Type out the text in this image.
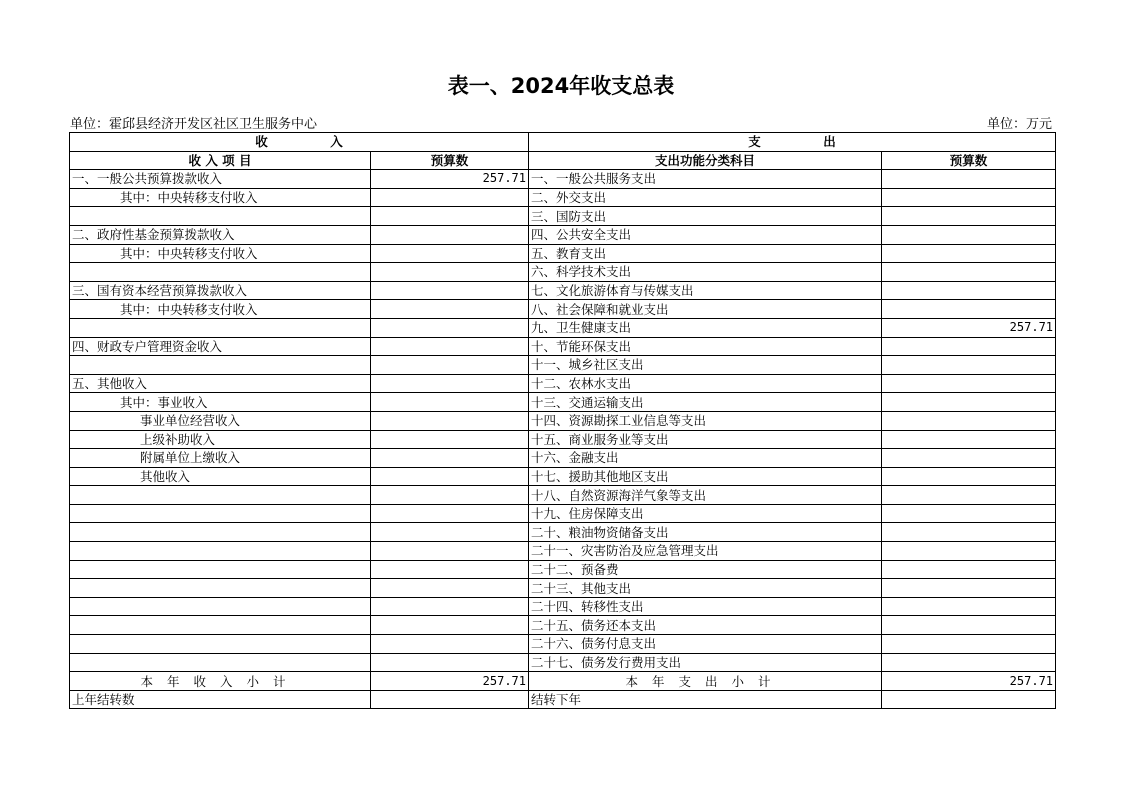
表一、2024年收支总表
单位：霍邱县经济开发区社区卫生服务中心	单位：万元
收　　　　　入		支　　　　　出	
收 入 项 目	预算数	支出功能分类科目	预算数
一、一般公共预算拨款收入	257.71	一、一般公共服务支出	
其中：中央转移支付收入		二、外交支出	
		三、国防支出	
二、政府性基金预算拨款收入		四、公共安全支出	
其中：中央转移支付收入		五、教育支出	
		六、科学技术支出	
三、国有资本经营预算拨款收入		七、文化旅游体育与传媒支出	
其中：中央转移支付收入		八、社会保障和就业支出	
		九、卫生健康支出	257.71
四、财政专户管理资金收入		十、节能环保支出	
		十一、城乡社区支出	
五、其他收入		十二、农林水支出	
其中：事业收入		十三、交通运输支出	
事业单位经营收入		十四、资源勘探工业信息等支出	
上级补助收入		十五、商业服务业等支出	
附属单位上缴收入		十六、金融支出	
其他收入		十七、援助其他地区支出	
		十八、自然资源海洋气象等支出	
		十九、住房保障支出	
		二十、粮油物资储备支出	
		二十一、灾害防治及应急管理支出	
		二十二、预备费	
		二十三、其他支出	
		二十四、转移性支出	
		二十五、债务还本支出	
		二十六、债务付息支出	
		二十七、债务发行费用支出	
本年收入小计	257.71	本年支出小计	257.71
上年结转数		结转下年	
